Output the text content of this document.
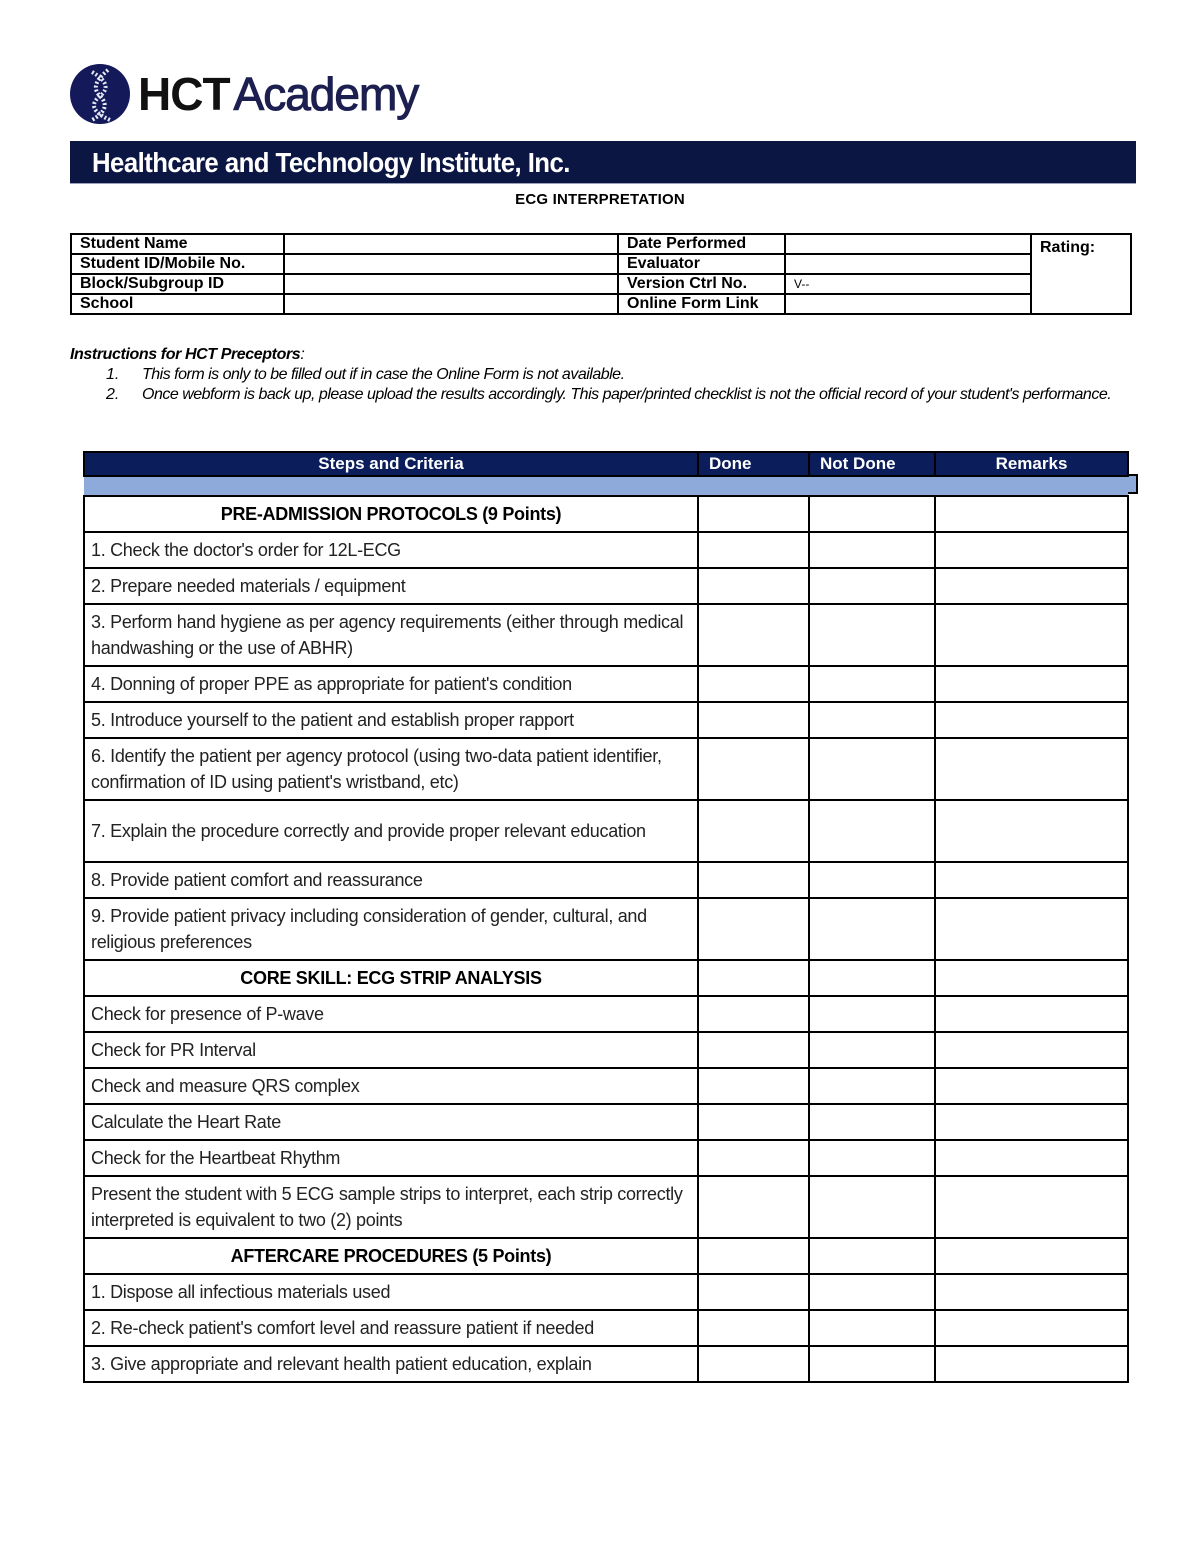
HCT Academy
Healthcare and Technology Institute, Inc.
ECG INTERPRETATION
Student Name		Date Performed		Rating:
Student ID/Mobile No.		Evaluator		
Block/Subgroup ID		Version Ctrl No.	V--	
School		Online Form Link		
Instructions for HCT Preceptors:
1.	This form is only to be filled out if in case the Online Form is not available.
2.	Once webform is back up, please upload the results accordingly. This paper/printed checklist is not the official record of your student's performance.
Steps and Criteria	Done	Not Done	Remarks

PRE-ADMISSION PROTOCOLS (9 Points)			
1. Check the doctor's order for 12L-ECG			
2. Prepare needed materials / equipment			
3. Perform hand hygiene as per agency requirements (either through medical handwashing or the use of ABHR)			
4. Donning of proper PPE as appropriate for patient's condition			
5. Introduce yourself to the patient and establish proper rapport			
6. Identify the patient per agency protocol (using two-data patient identifier, confirmation of ID using patient's wristband, etc)			
7. Explain the procedure correctly and provide proper relevant education			
8. Provide patient comfort and reassurance			
9. Provide patient privacy including consideration of gender, cultural, and religious preferences			
CORE SKILL: ECG STRIP ANALYSIS			
Check for presence of P-wave			
Check for PR Interval			
Check and measure QRS complex			
Calculate the Heart Rate			
Check for the Heartbeat Rhythm			
Present the student with 5 ECG sample strips to interpret, each strip correctly interpreted is equivalent to two (2) points			
AFTERCARE PROCEDURES (5 Points)			
1. Dispose all infectious materials used			
2. Re-check patient's comfort level and reassure patient if needed			
3. Give appropriate and relevant health patient education, explain			
